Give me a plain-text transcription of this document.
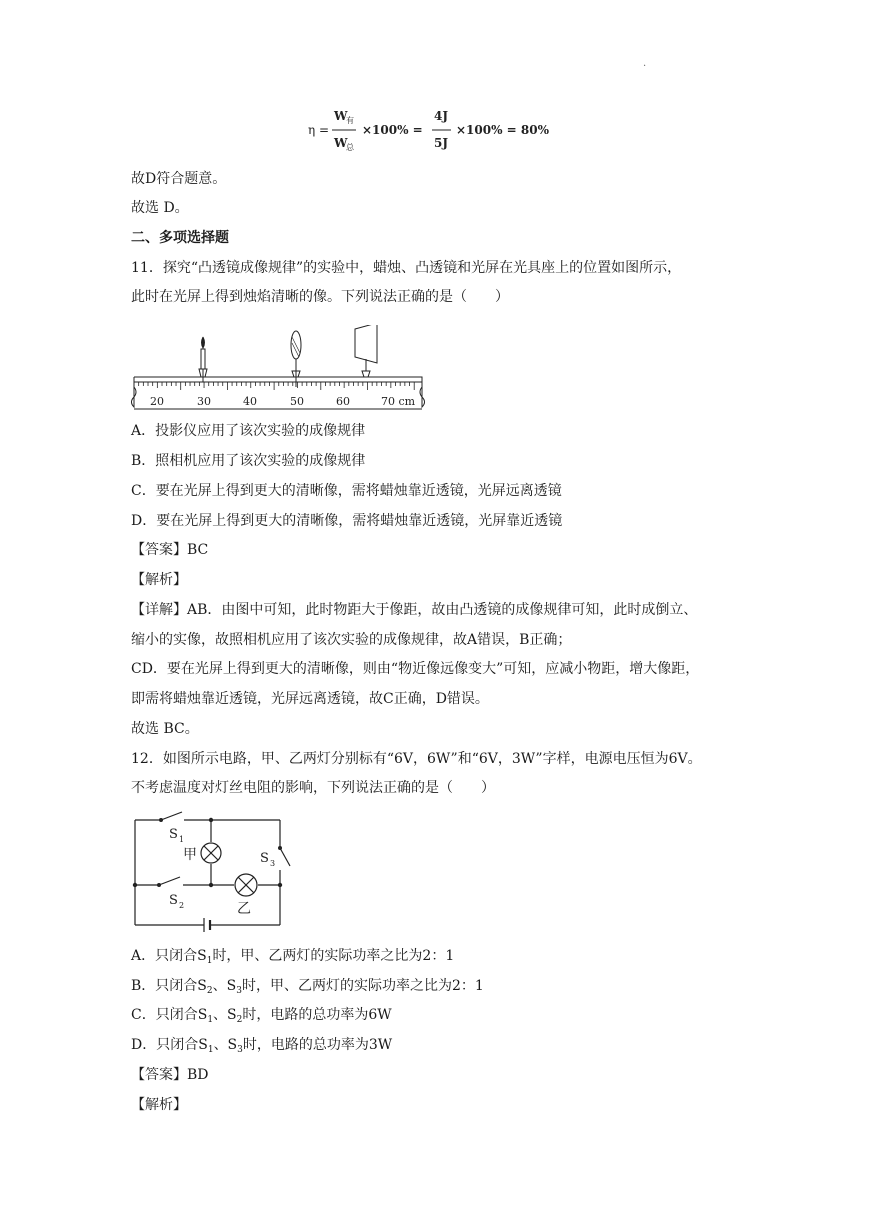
.
η =
W
有
W
总
×100% =
4J
5J
×100% = 80%
故D符合题意。
故选 D。
二、多项选择题
11．探究“凸透镜成像规律”的实验中，蜡烛、凸透镜和光屏在光具座上的位置如图所示，
此时在光屏上得到烛焰清晰的像。下列说法正确的是（　　）
20	30	40	50	60	70 cm
A．投影仪应用了该次实验的成像规律
B．照相机应用了该次实验的成像规律
C．要在光屏上得到更大的清晰像，需将蜡烛靠近透镜，光屏远离透镜
D．要在光屏上得到更大的清晰像，需将蜡烛靠近透镜，光屏靠近透镜
【答案】BC
【解析】
【详解】AB．由图中可知，此时物距大于像距，故由凸透镜的成像规律可知，此时成倒立、
缩小的实像，故照相机应用了该次实验的成像规律，故A错误，B正确；
CD．要在光屏上得到更大的清晰像，则由“物近像远像变大”可知，应减小物距，增大像距，
即需将蜡烛靠近透镜，光屏远离透镜，故C正确，D错误。
故选 BC。
12．如图所示电路，甲、乙两灯分别标有“6V，6W”和“6V，3W”字样，电源电压恒为6V。
不考虑温度对灯丝电阻的影响，下列说法正确的是（　　）
S 1
S 2
S 3
甲
乙
A．只闭合$S_1$时，甲、乙两灯的实际功率之比为2：1
B．只闭合$S_2$、$S_3$时，甲、乙两灯的实际功率之比为2：1
C．只闭合$S_1$、$S_2$时，电路的总功率为6W
D．只闭合$S_1$、$S_3$时，电路的总功率为3W
【答案】BD
【解析】
